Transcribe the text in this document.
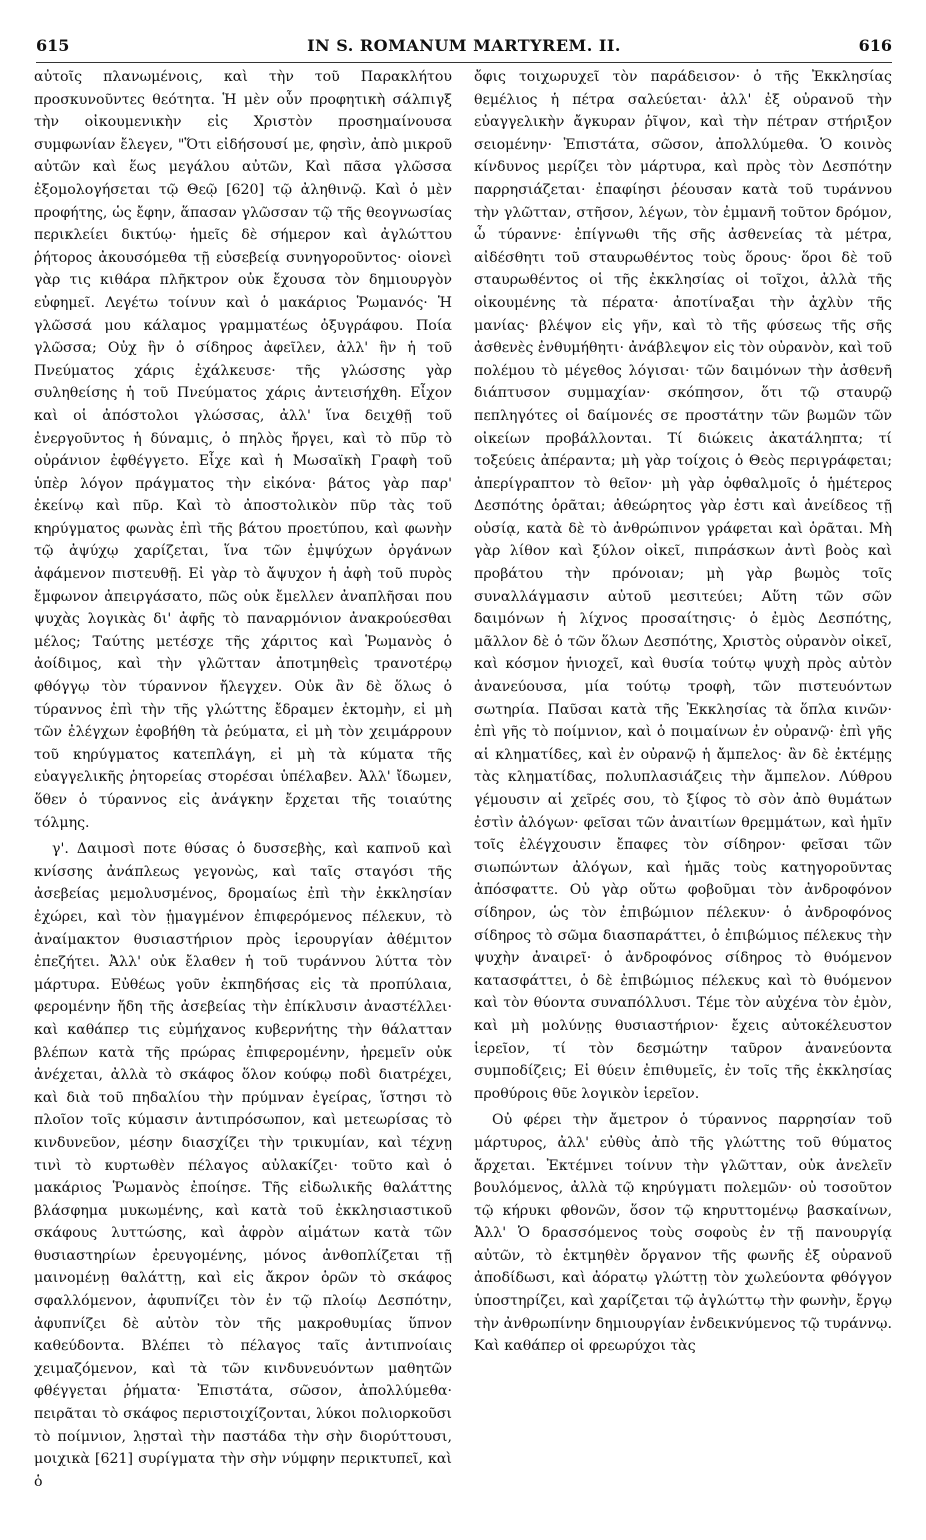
615	IN S. ROMANUM MARTYREM. II.	616

αὐτοῖς πλανωμένοις, καὶ τὴν τοῦ Παρακλήτου προσκυνοῦντες θεότητα. Ἡ μὲν οὖν προφητικὴ σάλπιγξ τὴν οἰκουμενικὴν εἰς Χριστὸν προσημαίνουσα συμφωνίαν ἔλεγεν, "Ὅτι εἰδήσουσί με, φησὶν, ἀπὸ μικροῦ αὐτῶν καὶ ἕως μεγάλου αὐτῶν, Καὶ πᾶσα γλῶσσα ἐξομολογήσεται τῷ Θεῷ [620] τῷ ἀληθινῷ. Καὶ ὁ μὲν προφήτης, ὡς ἔφην, ἅπασαν γλῶσσαν τῷ τῆς θεογνωσίας περικλείει δικτύῳ· ἡμεῖς δὲ σήμερον καὶ ἀγλώττου ῥήτορος ἀκουσόμεθα τῇ εὐσεβείᾳ συνηγοροῦντος· οἱονεὶ γὰρ τις κιθάρα πλῆκτρον οὐκ ἔχουσα τὸν δημιουργὸν εὐφημεῖ. Λεγέτω τοίνυν καὶ ὁ μακάριος Ῥωμανός· Ἡ γλῶσσά μου κάλαμος γραμματέως ὀξυγράφου. Ποία γλῶσσα; Οὐχ ἣν ὁ σίδηρος ἀφεῖλεν, ἀλλ' ἣν ἡ τοῦ Πνεύματος χάρις ἐχάλκευσε· τῆς γλώσσης γὰρ συληθείσης ἡ τοῦ Πνεύματος χάρις ἀντεισήχθη. Εἶχον καὶ οἱ ἀπόστολοι γλώσσας, ἀλλ' ἵνα δειχθῇ τοῦ ἐνεργοῦντος ἡ δύναμις, ὁ πηλὸς ἤργει, καὶ τὸ πῦρ τὸ οὐράνιον ἐφθέγγετο. Εἶχε καὶ ἡ Μωσαϊκὴ Γραφὴ τοῦ ὑπὲρ λόγον πράγματος τὴν εἰκόνα· βάτος γὰρ παρ' ἐκείνῳ καὶ πῦρ. Καὶ τὸ ἀποστολικὸν πῦρ τὰς τοῦ κηρύγματος φωνὰς ἐπὶ τῆς βάτου προετύπου, καὶ φωνὴν τῷ ἀψύχῳ χαρίζεται, ἵνα τῶν ἐμψύχων ὀργάνων ἀφάμενον πιστευθῇ. Εἰ γὰρ τὸ ἄψυχον ἡ ἀφὴ τοῦ πυρὸς ἔμφωνον ἀπειργάσατο, πῶς οὐκ ἔμελλεν ἀναπλῆσαι που ψυχὰς λογικὰς δι' ἀφῆς τὸ παναρμόνιον ἀνακρούεσθαι μέλος; Ταύτης μετέσχε τῆς χάριτος καὶ Ῥωμανὸς ὁ ἀοίδιμος, καὶ τὴν γλῶτταν ἀποτμηθεὶς τρανοτέρῳ φθόγγῳ τὸν τύραννον ἤλεγχεν. Οὐκ ἂν δὲ ὅλως ὁ τύραννος ἐπὶ τὴν τῆς γλώττης ἔδραμεν ἐκτομὴν, εἰ μὴ τῶν ἐλέγχων ἐφοβήθη τὰ ῥεύματα, εἰ μὴ τὸν χειμάρρουν τοῦ κηρύγματος κατεπλάγη, εἰ μὴ τὰ κύματα τῆς εὐαγγελικῆς ῥητορείας στορέσαι ὑπέλαβεν. Ἀλλ' ἴδωμεν, ὅθεν ὁ τύραννος εἰς ἀνάγκην ἔρχεται τῆς τοιαύτης τόλμης.

γ'. Δαιμοσὶ ποτε θύσας ὁ δυσσεβὴς, καὶ καπνοῦ καὶ κνίσσης ἀνάπλεως γεγονὼς, καὶ ταῖς σταγόσι τῆς ἀσεβείας μεμολυσμένος, δρομαίως ἐπὶ τὴν ἐκκλησίαν ἐχώρει, καὶ τὸν ᾑμαγμένον ἐπιφερόμενος πέλεκυν, τὸ ἀναίμακτον θυσιαστήριον πρὸς ἱερουργίαν ἀθέμιτον ἐπεζήτει. Ἀλλ' οὐκ ἔλαθεν ἡ τοῦ τυράννου λύττα τὸν μάρτυρα. Εὐθέως γοῦν ἐκπηδήσας εἰς τὰ προπύλαια, φερομένην ἤδη τῆς ἀσεβείας τὴν ἐπίκλυσιν ἀναστέλλει· καὶ καθάπερ τις εὐμήχανος κυβερνήτης τὴν θάλατταν βλέπων κατὰ τῆς πρώρας ἐπιφερομένην, ἠρεμεῖν οὐκ ἀνέχεται, ἀλλὰ τὸ σκάφος ὅλον κούφῳ ποδὶ διατρέχει, καὶ διὰ τοῦ πηδαλίου τὴν πρύμναν ἐγείρας, ἵστησι τὸ πλοῖον τοῖς κύμασιν ἀντιπρόσωπον, καὶ μετεωρίσας τὸ κινδυνεῦον, μέσην διασχίζει τὴν τρικυμίαν, καὶ τέχνῃ τινὶ τὸ κυρτωθὲν πέλαγος αὐλακίζει· τοῦτο καὶ ὁ μακάριος Ῥωμανὸς ἐποίησε. Τῆς εἰδωλικῆς θαλάττης βλάσφημα μυκωμένης, καὶ κατὰ τοῦ ἐκκλησιαστικοῦ σκάφους λυττώσης, καὶ ἀφρὸν αἱμάτων κατὰ τῶν θυσιαστηρίων ἐρευγομένης, μόνος ἀνθοπλίζεται τῇ μαινομένῃ θαλάττῃ, καὶ εἰς ἄκρον ὁρῶν τὸ σκάφος σφαλλόμενον, ἀφυπνίζει τὸν ἐν τῷ πλοίῳ Δεσπότην, ἀφυπνίζει δὲ αὐτὸν τὸν τῆς μακροθυμίας ὕπνον καθεύδοντα. Βλέπει τὸ πέλαγος ταῖς ἀντιπνοίαις χειμαζόμενον, καὶ τὰ τῶν κινδυνευόντων μαθητῶν φθέγγεται ῥήματα· Ἐπιστάτα, σῶσον, ἀπολλύμεθα· πειρᾶται τὸ σκάφος περιστοιχίζονται, λύκοι πολιορκοῦσι τὸ ποίμνιον, λῃσταὶ τὴν παστάδα τὴν σὴν διορύττουσι, μοιχικὰ [621] συρίγματα τὴν σὴν νύμφην περικτυπεῖ, καὶ ὁ

ὄφις τοιχωρυχεῖ τὸν παράδεισον· ὁ τῆς Ἐκκλησίας θεμέλιος ἡ πέτρα σαλεύεται· ἀλλ' ἐξ οὐρανοῦ τὴν εὐαγγελικὴν ἄγκυραν ῥῖψον, καὶ τὴν πέτραν στήριξον σειομένην· Ἐπιστάτα, σῶσον, ἀπολλύμεθα. Ὁ κοινὸς κίνδυνος μερίζει τὸν μάρτυρα, καὶ πρὸς τὸν Δεσπότην παρρησιάζεται· ἐπαφίησι ῥέουσαν κατὰ τοῦ τυράννου τὴν γλῶτταν, στῆσον, λέγων, τὸν ἐμμανῆ τοῦτον δρόμον, ὦ τύραννε· ἐπίγνωθι τῆς σῆς ἀσθενείας τὰ μέτρα, αἰδέσθητι τοῦ σταυρωθέντος τοὺς ὅρους· ὅροι δὲ τοῦ σταυρωθέντος οἱ τῆς ἐκκλησίας οἱ τοῖχοι, ἀλλὰ τῆς οἰκουμένης τὰ πέρατα· ἀποτίναξαι τὴν ἀχλὺν τῆς μανίας· βλέψον εἰς γῆν, καὶ τὸ τῆς φύσεως τῆς σῆς ἀσθενὲς ἐνθυμήθητι· ἀνάβλεψον εἰς τὸν οὐρανὸν, καὶ τοῦ πολέμου τὸ μέγεθος λόγισαι· τῶν δαιμόνων τὴν ἀσθενῆ διάπτυσον συμμαχίαν· σκόπησον, ὅτι τῷ σταυρῷ πεπληγότες οἱ δαίμονές σε προστάτην τῶν βωμῶν τῶν οἰκείων προβάλλονται. Τί διώκεις ἀκατάληπτα; τί τοξεύεις ἀπέραντα; μὴ γὰρ τοίχοις ὁ Θεὸς περιγράφεται; ἀπερίγραπτον τὸ θεῖον· μὴ γὰρ ὀφθαλμοῖς ὁ ἡμέτερος Δεσπότης ὁρᾶται; ἀθεώρητος γὰρ ἐστι καὶ ἀνείδεος τῇ οὐσίᾳ, κατὰ δὲ τὸ ἀνθρώπινον γράφεται καὶ ὁρᾶται. Μὴ γὰρ λίθον καὶ ξύλον οἰκεῖ, πιπράσκων ἀντὶ βοὸς καὶ προβάτου τὴν πρόνοιαν; μὴ γὰρ βωμὸς τοῖς συναλλάγμασιν αὐτοῦ μεσιτεύει; Αὕτη τῶν σῶν δαιμόνων ἡ λίχνος προσαίτησις· ὁ ἐμὸς Δεσπότης, μᾶλλον δὲ ὁ τῶν ὅλων Δεσπότης, Χριστὸς οὐρανὸν οἰκεῖ, καὶ κόσμον ἡνιοχεῖ, καὶ θυσία τούτῳ ψυχὴ πρὸς αὐτὸν ἀνανεύουσα, μία τούτῳ τροφὴ, τῶν πιστευόντων σωτηρία. Παῦσαι κατὰ τῆς Ἐκκλησίας τὰ ὅπλα κινῶν· ἐπὶ γῆς τὸ ποίμνιον, καὶ ὁ ποιμαίνων ἐν οὐρανῷ· ἐπὶ γῆς αἱ κληματίδες, καὶ ἐν οὐρανῷ ἡ ἄμπελος· ἂν δὲ ἐκτέμῃς τὰς κληματίδας, πολυπλασιάζεις τὴν ἄμπελον. Λύθρου γέμουσιν αἱ χεῖρές σου, τὸ ξίφος τὸ σὸν ἀπὸ θυμάτων ἐστὶν ἀλόγων· φεῖσαι τῶν ἀναιτίων θρεμμάτων, καὶ ἡμῖν τοῖς ἐλέγχουσιν ἔπαφες τὸν σίδηρον· φεῖσαι τῶν σιωπώντων ἀλόγων, καὶ ἡμᾶς τοὺς κατηγοροῦντας ἀπόσφαττε. Οὐ γὰρ οὕτω φοβοῦμαι τὸν ἀνδροφόνον σίδηρον, ὡς τὸν ἐπιβώμιον πέλεκυν· ὁ ἀνδροφόνος σίδηρος τὸ σῶμα διασπαράττει, ὁ ἐπιβώμιος πέλεκυς τὴν ψυχὴν ἀναιρεῖ· ὁ ἀνδροφόνος σίδηρος τὸ θυόμενον κατασφάττει, ὁ δὲ ἐπιβώμιος πέλεκυς καὶ τὸ θυόμενον καὶ τὸν θύοντα συναπόλλυσι. Τέμε τὸν αὐχένα τὸν ἐμὸν, καὶ μὴ μολύνῃς θυσιαστήριον· ἔχεις αὐτοκέλευστον ἱερεῖον, τί τὸν δεσμώτην ταῦρον ἀνανεύοντα συμποδίζεις; Εἰ θύειν ἐπιθυμεῖς, ἐν τοῖς τῆς ἐκκλησίας προθύροις θῦε λογικὸν ἱερεῖον.

Οὐ φέρει τὴν ἄμετρον ὁ τύραννος παρρησίαν τοῦ μάρτυρος, ἀλλ' εὐθὺς ἀπὸ τῆς γλώττης τοῦ θύματος ἄρχεται. Ἐκτέμνει τοίνυν τὴν γλῶτταν, οὐκ ἀνελεῖν βουλόμενος, ἀλλὰ τῷ κηρύγματι πολεμῶν· οὐ τοσοῦτον τῷ κήρυκι φθονῶν, ὅσον τῷ κηρυττομένῳ βασκαίνων, Ἀλλ' Ὁ δρασσόμενος τοὺς σοφοὺς ἐν τῇ πανουργίᾳ αὐτῶν, τὸ ἐκτμηθὲν ὄργανον τῆς φωνῆς ἐξ οὐρανοῦ ἀποδίδωσι, καὶ ἀόρατῳ γλώττῃ τὸν χωλεύοντα φθόγγον ὑποστηρίζει, καὶ χαρίζεται τῷ ἀγλώττῳ τὴν φωνὴν, ἔργῳ τὴν ἀνθρωπίνην δημιουργίαν ἐνδεικνύμενος τῷ τυράννῳ. Καὶ καθάπερ οἱ φρεωρύχοι τὰς
